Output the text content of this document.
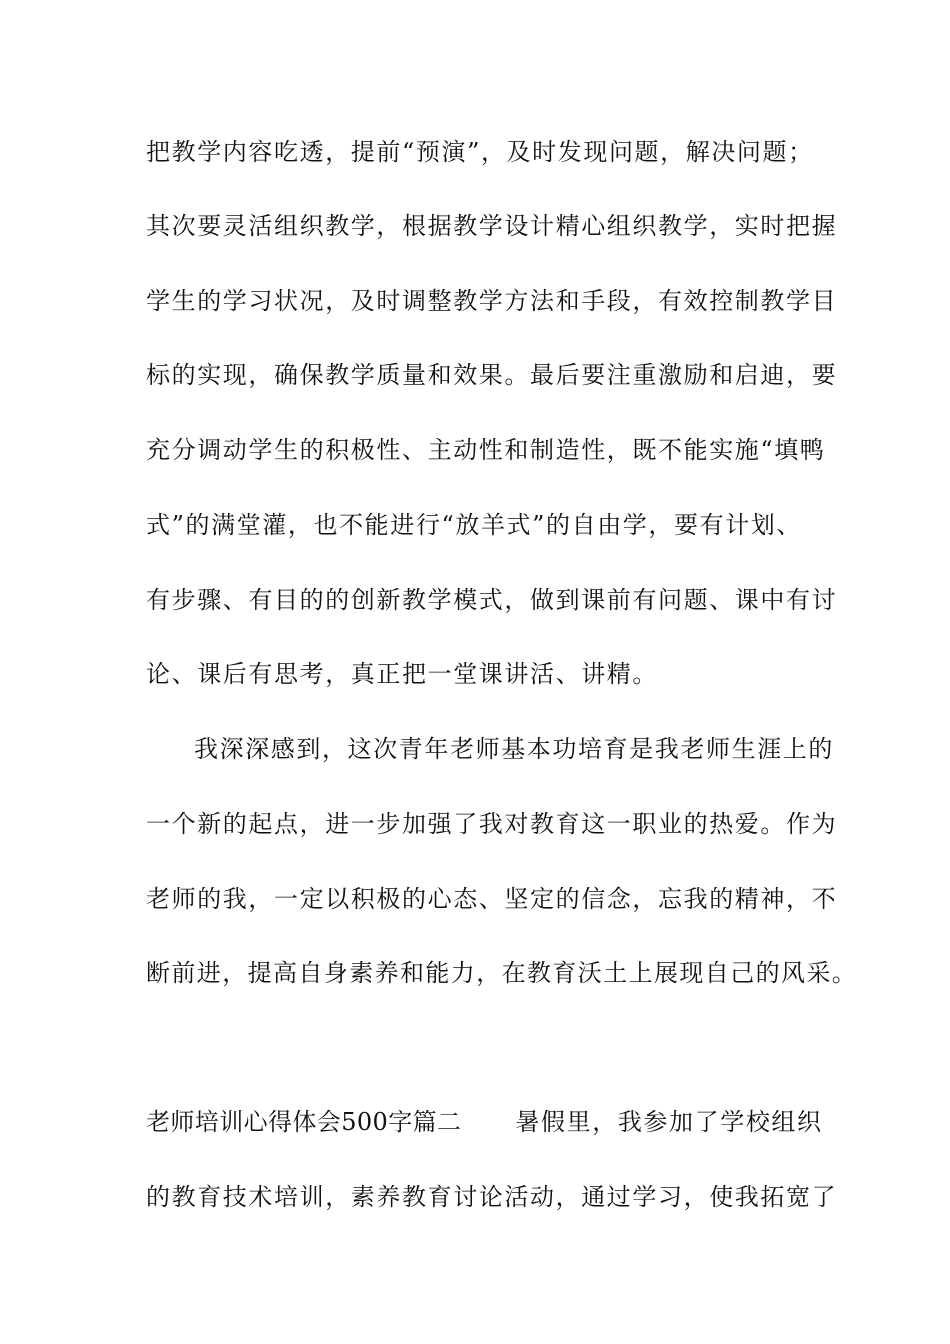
把教学内容吃透，提前“预演”，及时发现问题，解决问题；
其次要灵活组织教学，根据教学设计精心组织教学，实时把握
学生的学习状况，及时调整教学方法和手段，有效控制教学目
标的实现，确保教学质量和效果。最后要注重激励和启迪，要
充分调动学生的积极性、主动性和制造性，既不能实施“填鸭
式”的满堂灌，也不能进行“放羊式”的自由学，要有计划、
有步骤、有目的的创新教学模式，做到课前有问题、课中有讨
论、课后有思考，真正把一堂课讲活、讲精。
我深深感到，这次青年老师基本功培育是我老师生涯上的
一个新的起点，进一步加强了我对教育这一职业的热爱。作为
老师的我，一定以积极的心态、坚定的信念，忘我的精神，不
断前进，提高自身素养和能力，在教育沃土上展现自己的风采。
老师培训心得体会500字篇二 暑假里，我参加了学校组织
的教育技术培训，素养教育讨论活动，通过学习，使我拓宽了
